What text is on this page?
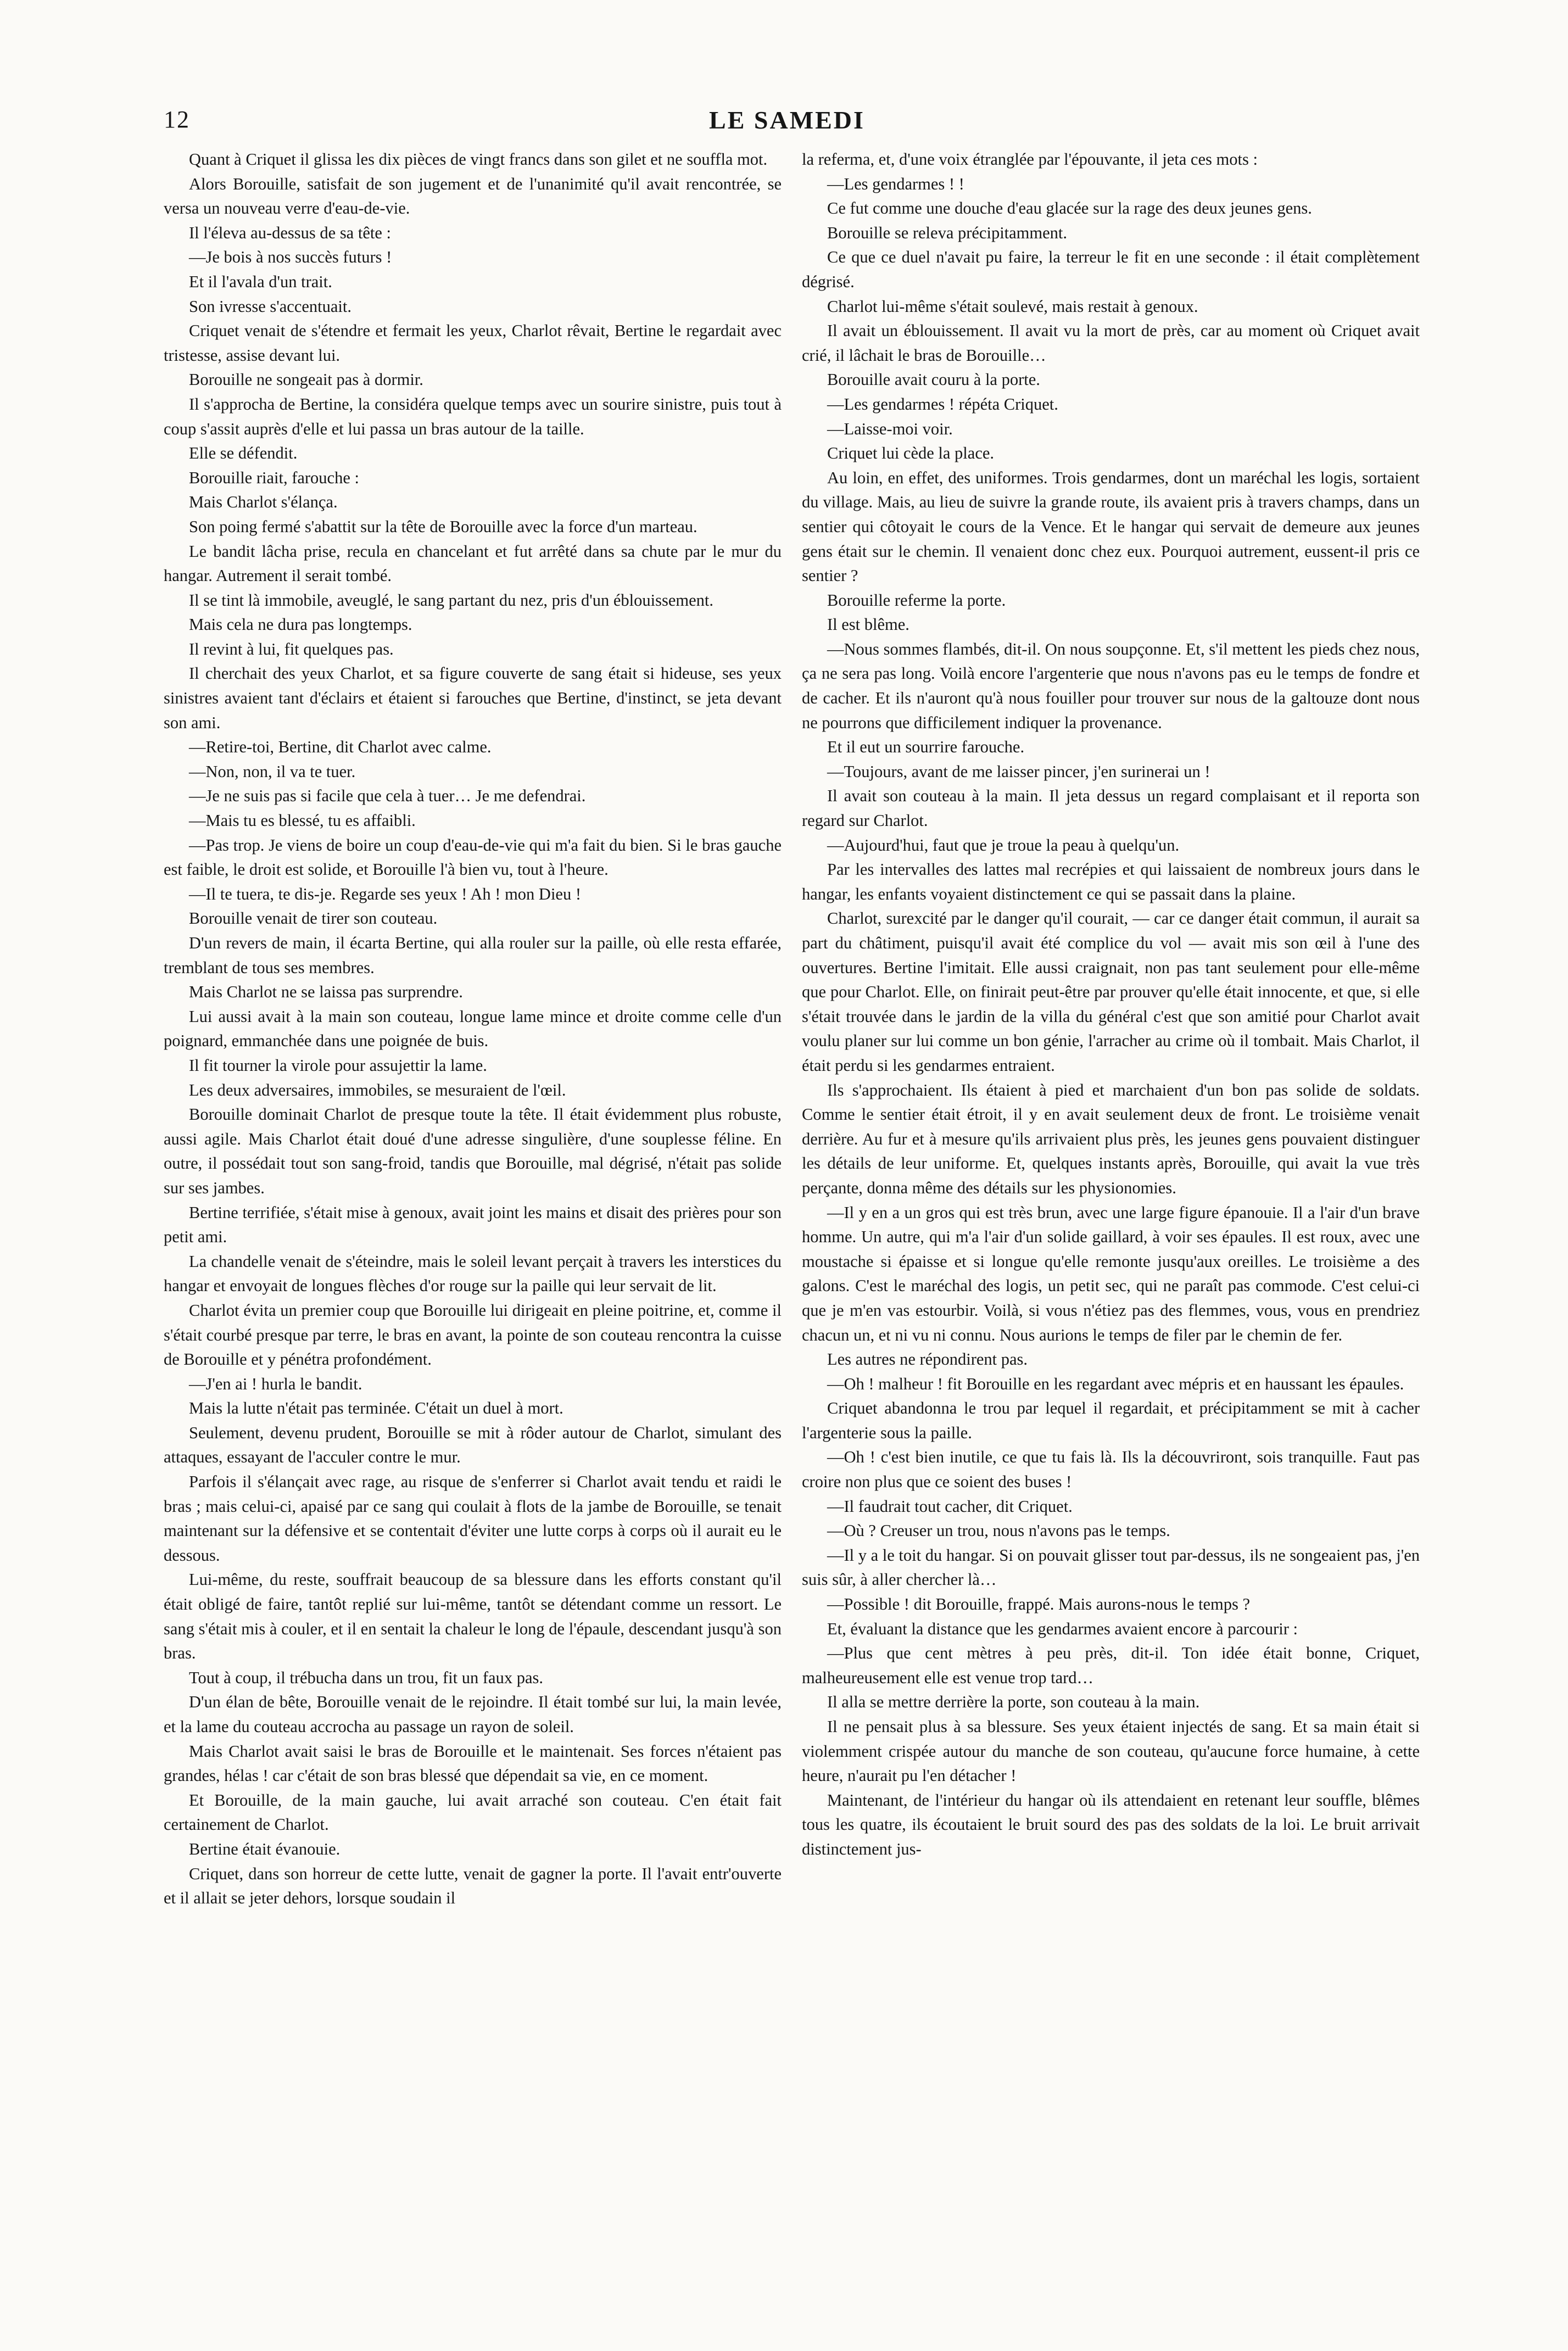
12	LE SAMEDI

Quant à Criquet il glissa les dix pièces de vingt francs dans son gilet et ne souffla mot.

Alors Borouille, satisfait de son jugement et de l'unanimité qu'il avait rencontrée, se versa un nouveau verre d'eau-de-vie.

Il l'éleva au-dessus de sa tête :

—Je bois à nos succès futurs !

Et il l'avala d'un trait.

Son ivresse s'accentuait.

Criquet venait de s'étendre et fermait les yeux, Charlot rêvait, Bertine le regardait avec tristesse, assise devant lui.

Borouille ne songeait pas à dormir.

Il s'approcha de Bertine, la considéra quelque temps avec un sourire sinistre, puis tout à coup s'assit auprès d'elle et lui passa un bras autour de la taille.

Elle se défendit.

Borouille riait, farouche :

Mais Charlot s'élança.

Son poing fermé s'abattit sur la tête de Borouille avec la force d'un marteau.

Le bandit lâcha prise, recula en chancelant et fut arrêté dans sa chute par le mur du hangar. Autrement il serait tombé.

Il se tint là immobile, aveuglé, le sang partant du nez, pris d'un éblouissement.

Mais cela ne dura pas longtemps.

Il revint à lui, fit quelques pas.

Il cherchait des yeux Charlot, et sa figure couverte de sang était si hideuse, ses yeux sinistres avaient tant d'éclairs et étaient si farouches que Bertine, d'instinct, se jeta devant son ami.

—Retire-toi, Bertine, dit Charlot avec calme.

—Non, non, il va te tuer.

—Je ne suis pas si facile que cela à tuer… Je me defendrai.

—Mais tu es blessé, tu es affaibli.

—Pas trop. Je viens de boire un coup d'eau-de-vie qui m'a fait du bien. Si le bras gauche est faible, le droit est solide, et Borouille l'à bien vu, tout à l'heure.

—Il te tuera, te dis-je. Regarde ses yeux ! Ah ! mon Dieu !

Borouille venait de tirer son couteau.

D'un revers de main, il écarta Bertine, qui alla rouler sur la paille, où elle resta effarée, tremblant de tous ses membres.

Mais Charlot ne se laissa pas surprendre.

Lui aussi avait à la main son couteau, longue lame mince et droite comme celle d'un poignard, emmanchée dans une poignée de buis.

Il fit tourner la virole pour assujettir la lame.

Les deux adversaires, immobiles, se mesuraient de l'œil.

Borouille dominait Charlot de presque toute la tête. Il était évidemment plus robuste, aussi agile. Mais Charlot était doué d'une adresse singulière, d'une souplesse féline. En outre, il possédait tout son sang-froid, tandis que Borouille, mal dégrisé, n'était pas solide sur ses jambes.

Bertine terrifiée, s'était mise à genoux, avait joint les mains et disait des prières pour son petit ami.

La chandelle venait de s'éteindre, mais le soleil levant perçait à travers les interstices du hangar et envoyait de longues flèches d'or rouge sur la paille qui leur servait de lit.

Charlot évita un premier coup que Borouille lui dirigeait en pleine poitrine, et, comme il s'était courbé presque par terre, le bras en avant, la pointe de son couteau rencontra la cuisse de Borouille et y pénétra profondément.

—J'en ai ! hurla le bandit.

Mais la lutte n'était pas terminée. C'était un duel à mort.

Seulement, devenu prudent, Borouille se mit à rôder autour de Charlot, simulant des attaques, essayant de l'acculer contre le mur.

Parfois il s'élançait avec rage, au risque de s'enferrer si Charlot avait tendu et raidi le bras ; mais celui-ci, apaisé par ce sang qui coulait à flots de la jambe de Borouille, se tenait maintenant sur la défensive et se contentait d'éviter une lutte corps à corps où il aurait eu le dessous.

Lui-même, du reste, souffrait beaucoup de sa blessure dans les efforts constant qu'il était obligé de faire, tantôt replié sur lui-même, tantôt se détendant comme un ressort. Le sang s'était mis à couler, et il en sentait la chaleur le long de l'épaule, descendant jusqu'à son bras.

Tout à coup, il trébucha dans un trou, fit un faux pas.

D'un élan de bête, Borouille venait de le rejoindre. Il était tombé sur lui, la main levée, et la lame du couteau accrocha au passage un rayon de soleil.

Mais Charlot avait saisi le bras de Borouille et le maintenait. Ses forces n'étaient pas grandes, hélas ! car c'était de son bras blessé que dépendait sa vie, en ce moment.

Et Borouille, de la main gauche, lui avait arraché son couteau. C'en était fait certainement de Charlot.

Bertine était évanouie.

Criquet, dans son horreur de cette lutte, venait de gagner la porte. Il l'avait entr'ouverte et il allait se jeter dehors, lorsque soudain il

la referma, et, d'une voix étranglée par l'épouvante, il jeta ces mots :

—Les gendarmes ! !

Ce fut comme une douche d'eau glacée sur la rage des deux jeunes gens.

Borouille se releva précipitamment.

Ce que ce duel n'avait pu faire, la terreur le fit en une seconde : il était complètement dégrisé.

Charlot lui-même s'était soulevé, mais restait à genoux.

Il avait un éblouissement. Il avait vu la mort de près, car au moment où Criquet avait crié, il lâchait le bras de Borouille…

Borouille avait couru à la porte.

—Les gendarmes ! répéta Criquet.

—Laisse-moi voir.

Criquet lui cède la place.

Au loin, en effet, des uniformes. Trois gendarmes, dont un maréchal les logis, sortaient du village. Mais, au lieu de suivre la grande route, ils avaient pris à travers champs, dans un sentier qui côtoyait le cours de la Vence. Et le hangar qui servait de demeure aux jeunes gens était sur le chemin. Il venaient donc chez eux. Pourquoi autrement, eussent-il pris ce sentier ?

Borouille referme la porte.

Il est blême.

—Nous sommes flambés, dit-il. On nous soupçonne. Et, s'il mettent les pieds chez nous, ça ne sera pas long. Voilà encore l'argenterie que nous n'avons pas eu le temps de fondre et de cacher. Et ils n'auront qu'à nous fouiller pour trouver sur nous de la galtouze dont nous ne pourrons que difficilement indiquer la provenance.

Et il eut un sourrire farouche.

—Toujours, avant de me laisser pincer, j'en surinerai un !

Il avait son couteau à la main. Il jeta dessus un regard complaisant et il reporta son regard sur Charlot.

—Aujourd'hui, faut que je troue la peau à quelqu'un.

Par les intervalles des lattes mal recrépies et qui laissaient de nombreux jours dans le hangar, les enfants voyaient distinctement ce qui se passait dans la plaine.

Charlot, surexcité par le danger qu'il courait, — car ce danger était commun, il aurait sa part du châtiment, puisqu'il avait été complice du vol — avait mis son œil à l'une des ouvertures. Bertine l'imitait. Elle aussi craignait, non pas tant seulement pour elle-même que pour Charlot. Elle, on finirait peut-être par prouver qu'elle était innocente, et que, si elle s'était trouvée dans le jardin de la villa du général c'est que son amitié pour Charlot avait voulu planer sur lui comme un bon génie, l'arracher au crime où il tombait. Mais Charlot, il était perdu si les gendarmes entraient.

Ils s'approchaient. Ils étaient à pied et marchaient d'un bon pas solide de soldats. Comme le sentier était étroit, il y en avait seulement deux de front. Le troisième venait derrière. Au fur et à mesure qu'ils arrivaient plus près, les jeunes gens pouvaient distinguer les détails de leur uniforme. Et, quelques instants après, Borouille, qui avait la vue très perçante, donna même des détails sur les physionomies.

—Il y en a un gros qui est très brun, avec une large figure épanouie. Il a l'air d'un brave homme. Un autre, qui m'a l'air d'un solide gaillard, à voir ses épaules. Il est roux, avec une moustache si épaisse et si longue qu'elle remonte jusqu'aux oreilles. Le troisième a des galons. C'est le maréchal des logis, un petit sec, qui ne paraît pas commode. C'est celui-ci que je m'en vas estourbir. Voilà, si vous n'étiez pas des flemmes, vous, vous en prendriez chacun un, et ni vu ni connu. Nous aurions le temps de filer par le chemin de fer.

Les autres ne répondirent pas.

—Oh ! malheur ! fit Borouille en les regardant avec mépris et en haussant les épaules.

Criquet abandonna le trou par lequel il regardait, et précipitamment se mit à cacher l'argenterie sous la paille.

—Oh ! c'est bien inutile, ce que tu fais là. Ils la découvriront, sois tranquille. Faut pas croire non plus que ce soient des buses !

—Il faudrait tout cacher, dit Criquet.

—Où ? Creuser un trou, nous n'avons pas le temps.

—Il y a le toit du hangar. Si on pouvait glisser tout par-dessus, ils ne songeaient pas, j'en suis sûr, à aller chercher là…

—Possible ! dit Borouille, frappé. Mais aurons-nous le temps ?

Et, évaluant la distance que les gendarmes avaient encore à parcourir :

—Plus que cent mètres à peu près, dit-il. Ton idée était bonne, Criquet, malheureusement elle est venue trop tard…

Il alla se mettre derrière la porte, son couteau à la main.

Il ne pensait plus à sa blessure. Ses yeux étaient injectés de sang. Et sa main était si violemment crispée autour du manche de son couteau, qu'aucune force humaine, à cette heure, n'aurait pu l'en détacher !

Maintenant, de l'intérieur du hangar où ils attendaient en retenant leur souffle, blêmes tous les quatre, ils écoutaient le bruit sourd des pas des soldats de la loi. Le bruit arrivait distinctement jus-
